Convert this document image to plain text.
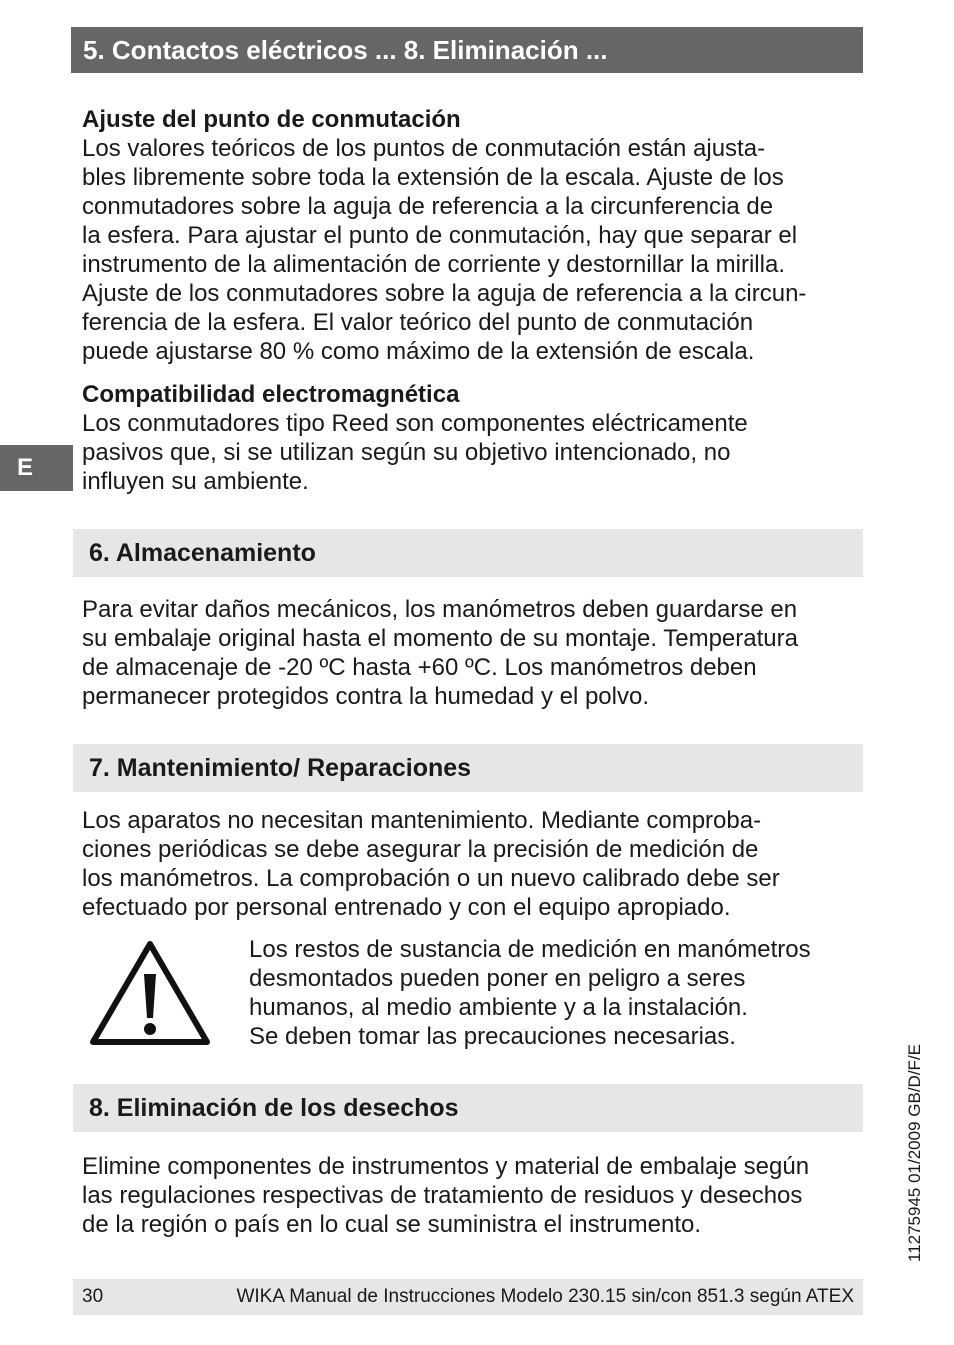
5. Contactos eléctricos ... 8. Eliminación ...

Ajuste del punto de conmutación

Los valores teóricos de los puntos de conmutación están ajusta-

bles libremente sobre toda la extensión de la escala. Ajuste de los

conmutadores sobre la aguja de referencia a la circunferencia de

la esfera. Para ajustar el punto de conmutación, hay que separar el

instrumento de la alimentación de corriente y destornillar la mirilla.

Ajuste de los conmutadores sobre la aguja de referencia a la circun-

ferencia de la esfera. El valor teórico del punto de conmutación

puede ajustarse 80 % como máximo de la extensión de escala.

Compatibilidad electromagnética

Los conmutadores tipo Reed son componentes eléctricamente

pasivos que, si se utilizan según su objetivo intencionado, no

influyen su ambiente.

E
6. Almacenamiento

Para evitar daños mecánicos, los manómetros deben guardarse en

su embalaje original hasta el momento de su montaje. Temperatura

de almacenaje de -20 ºC hasta +60 ºC. Los manómetros deben

permanecer protegidos contra la humedad y el polvo.

7. Mantenimiento/ Reparaciones

Los aparatos no necesitan mantenimiento. Mediante comproba-

ciones periódicas se debe asegurar la precisión de medición de

los manómetros. La comprobación o un nuevo calibrado debe ser

efectuado por personal entrenado y con el equipo apropiado.

Los restos de sustancia de medición en manómetros

desmontados pueden poner en peligro a seres

humanos, al medio ambiente y a la instalación.

Se deben tomar las precauciones necesarias.

8. Eliminación de los desechos

Elimine componentes de instrumentos y material de embalaje según

las regulaciones respectivas de tratamiento de residuos y desechos

de la región o país en lo cual se suministra el instrumento.	11275945 01/2009 GB/D/F/E
30	WIKA Manual de Instrucciones Modelo 230.15 sin/con 851.3 según ATEX
